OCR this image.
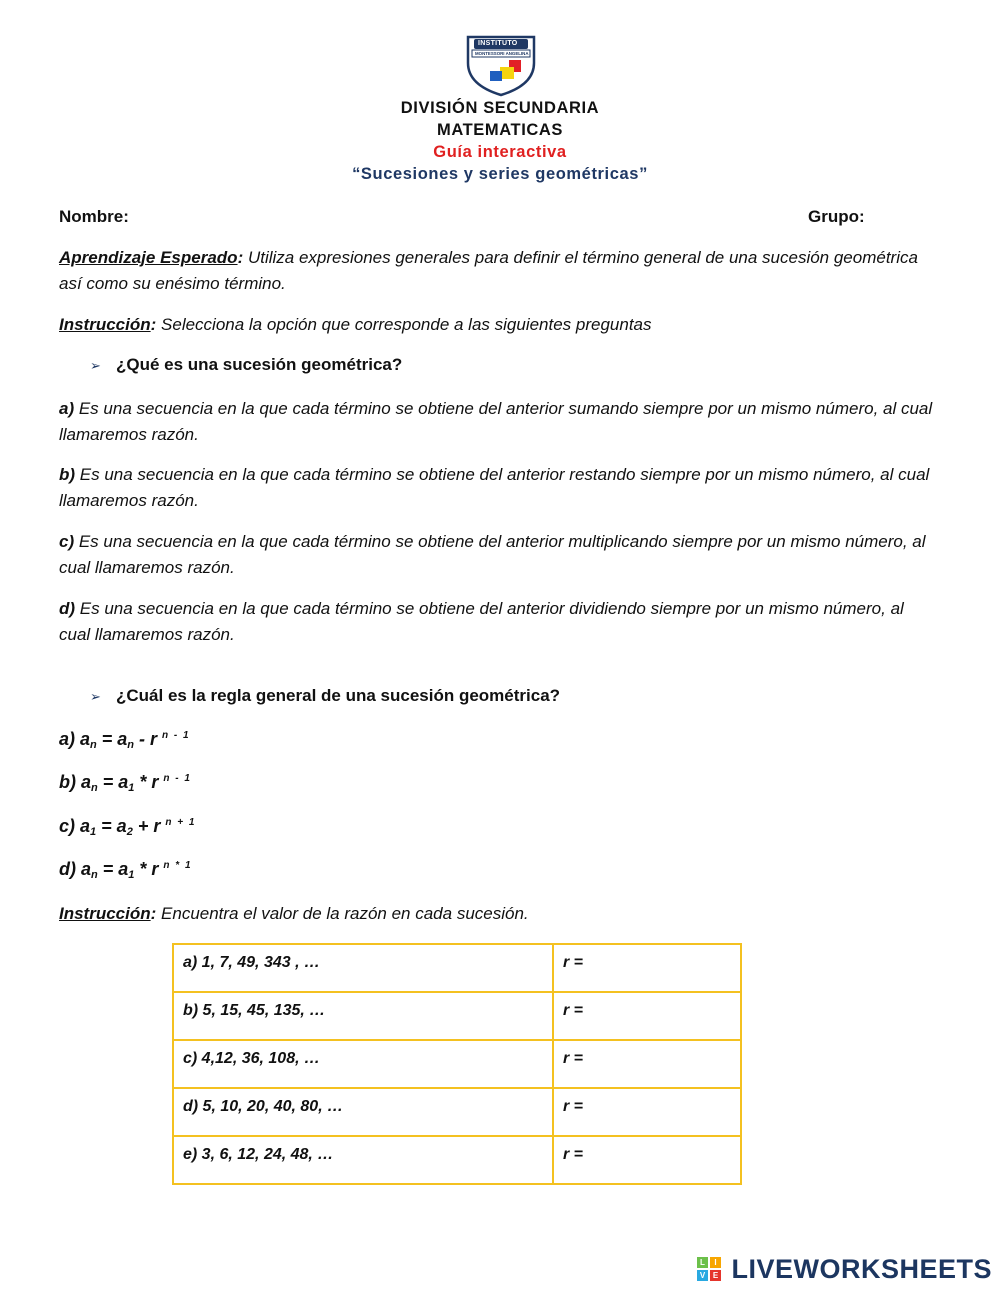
INSTITUTO
MONTESSORI ANGELINA
DIVISIÓN SECUNDARIA
MATEMATICAS
Guía interactiva
“Sucesiones y series geométricas”
Nombre:	Grupo:
Aprendizaje Esperado: Utiliza expresiones generales para definir el término general de una sucesión geométrica así como su enésimo término.
Instrucción: Selecciona la opción que corresponde a las siguientes preguntas
➢ ¿Qué es una sucesión geométrica?
a) Es una secuencia en la que cada término se obtiene del anterior sumando siempre por un mismo número, al cual llamaremos razón.
b) Es una secuencia en la que cada término se obtiene del anterior restando siempre por un mismo número, al cual llamaremos razón.
c) Es una secuencia en la que cada término se obtiene del anterior multiplicando siempre por un mismo número, al cual llamaremos razón.
d) Es una secuencia en la que cada término se obtiene del anterior dividiendo siempre por un mismo número, al cual llamaremos razón.
➢ ¿Cuál es la regla general de una sucesión geométrica?
a) $a_n = a_n - r$ $^{n - 1}$
b) $a_n = a_1 * r$ $^{n - 1}$
c) $a_1 = a_2 + r$ $^{n + 1}$
d) $a_n = a_1 * r$ $^{n * 1}$
Instrucción: Encuentra el valor de la razón en cada sucesión.
a) 1, 7, 49, 343 , …	r =
b) 5, 15, 45, 135, …	r =
c) 4,12, 36, 108, …	r =
d) 5, 10, 20, 40, 80, …	r =
e) 3, 6, 12, 24, 48, …	r =
L	I
V E LIVEWORKSHEETS
